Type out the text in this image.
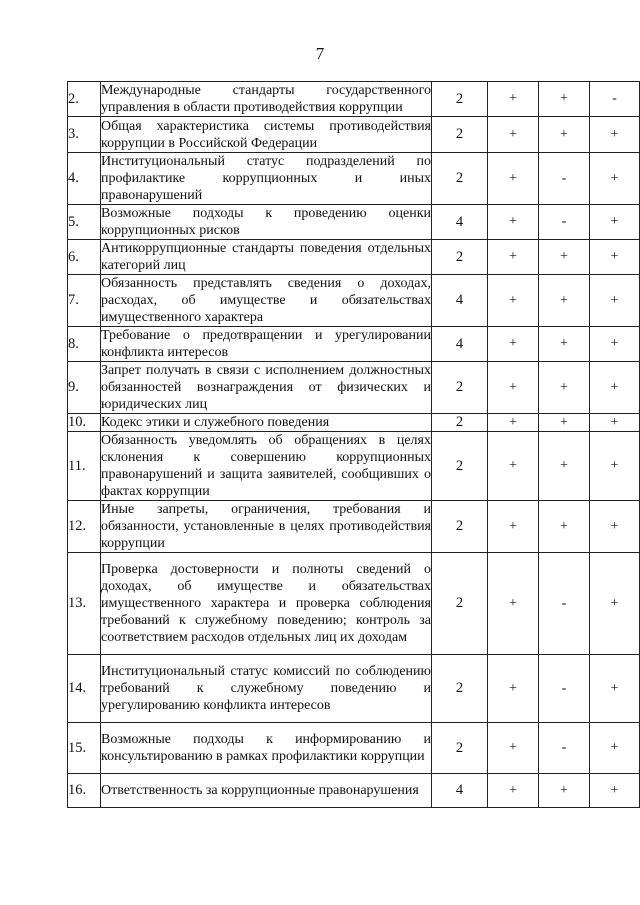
7
2.	Международные стандарты государственного управления в области противодействия коррупции	2	+	+	-
3.	Общая характеристика системы противодействия коррупции в Российской Федерации	2	+	+	+
4.	Институциональный статус подразделений по профилактике коррупционных и иных правонарушений	2	+	-	+
5.	Возможные подходы к проведению оценки коррупционных рисков	4	+	-	+
6.	Антикоррупционные стандарты поведения отдельных категорий лиц	2	+	+	+
7.	Обязанность представлять сведения о доходах, расходах, об имуществе и обязательствах имущественного характера	4	+	+	+
8.	Требование о предотвращении и урегулировании конфликта интересов	4	+	+	+
9.	Запрет получать в связи с исполнением должностных обязанностей вознаграждения от физических и юридических лиц	2	+	+	+
10.	Кодекс этики и служебного поведения	2	+	+	+
11.	Обязанность уведомлять об обращениях в целях склонения к совершению коррупционных правонарушений и защита заявителей, сообщивших о фактах коррупции	2	+	+	+
12.	Иные запреты, ограничения, требования и обязанности, установленные в целях противодействия коррупции	2	+	+	+
13.	Проверка достоверности и полноты сведений о доходах, об имуществе и обязательствах имущественного характера и проверка соблюдения требований к служебному поведению; контроль за соответствием расходов отдельных лиц их доходам	2	+	-	+
14.	Институциональный статус комиссий по соблюдению требований к служебному поведению и урегулированию конфликта интересов	2	+	-	+
15.	Возможные подходы к информированию и консультированию в рамках профилактики коррупции	2	+	-	+
16.	Ответственность за коррупционные правонарушения	4	+	+	+
